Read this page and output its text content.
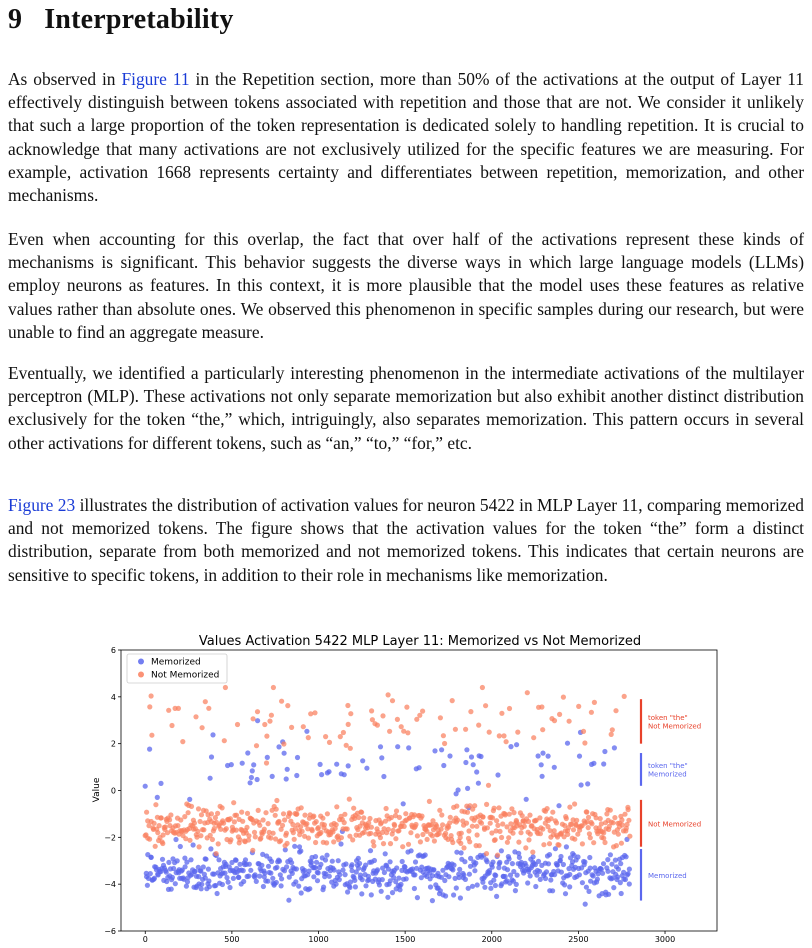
9 Interpretability

As observed in Figure 11 in the Repetition section, more than 50% of the activations at the output of Layer 11 effectively distinguish between tokens associated with repetition and those that are not. We consider it unlikely that such a large proportion of the token representation is dedicated solely to handling repetition. It is crucial to acknowledge that many activations are not exclusively utilized for the specific features we are measuring. For example, activation 1668 represents certainty and differentiates between repetition, memorization, and other mechanisms.

Even when accounting for this overlap, the fact that over half of the activations represent these kinds of mechanisms is significant. This behavior suggests the diverse ways in which large language models (LLMs) employ neurons as features. In this context, it is more plausible that the model uses these features as relative values rather than absolute ones. We observed this phenomenon in specific samples during our research, but were unable to find an aggregate measure.

Eventually, we identified a particularly interesting phenomenon in the intermediate activations of the multilayer perceptron (MLP). These activations not only separate memorization but also exhibit another distinct distribution exclusively for the token “the,” which, intriguingly, also separates memorization. This pattern occurs in several other activations for different tokens, such as “an,” “to,” “for,” etc.

Figure 23 illustrates the distribution of activation values for neuron 5422 in MLP Layer 11, comparing memorized and not memorized tokens. The figure shows that the activation values for the token “the” form a distinct distribution, separate from both memorized and not memorized tokens. This indicates that certain neurons are sensitive to specific tokens, in addition to their role in mechanisms like memorization.

Values Activation 5422 MLP Layer 11: Memorized vs Not Memorized
token "the"
Not Memorized
token "the"
Memorized
Not Memorized
Memorized
−6
−4
−2
0
2
4
6
0	500	1000	1500	2000	2500	3000
Value
Memorized
Not Memorized
